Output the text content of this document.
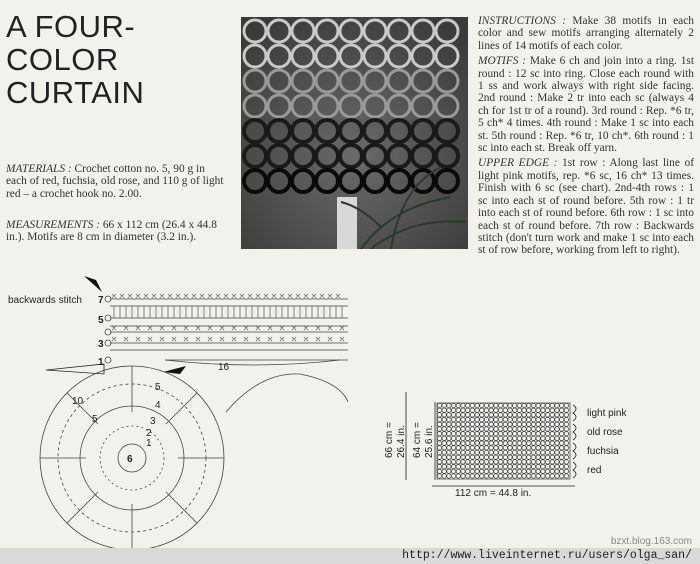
A FOUR-
COLOR
CURTAIN
MATERIALS : Crochet cotton no. 5, 90 g in each of red, fuchsia, old rose, and 110 g of light red – a crochet hook no. 2.00.
MEASUREMENTS : 66 x 112 cm (26.4 x 44.8 in.). Motifs are 8 cm in diameter (3.2 in.).

INSTRUCTIONS : Make 38 motifs in each color and sew motifs arranging alternately 2 lines of 14 motifs of each color.

MOTIFS : Make 6 ch and join into a ring. 1st round : 12 sc into ring. Close each round with 1 ss and work always with right side facing. 2nd round : Make 2 tr into each sc (always 4 ch for 1st tr of a round). 3rd round : Rep. *6 tr, 5 ch* 4 times. 4th round : Make 1 sc into each st. 5th round : Rep. *6 tr, 10 ch*. 6th round : 1 sc into each st. Break off yarn.

UPPER EDGE : 1st row : Along last line of light pink motifs, rep. *6 sc, 16 ch* 13 times. Finish with 6 sc (see chart). 2nd-4th rows : 1 sc into each st of round before. 5th row : 1 tr into each st of round before. 6th row : 1 sc into each st of round before. 7th row : Backwards stitch (don't turn work and make 1 sc into each st of row before, working from left to right).

backwards stitch 7
5
3
1	16
6
5
4
3
2
1
10
5
66 cm = 26.4 in. 64 cm = 25.6 in.
112 cm = 44.8 in.
light pink
old rose
fuchsia
red
bzxt.blog.163.com
http://www.liveinternet.ru/users/olga_san/
